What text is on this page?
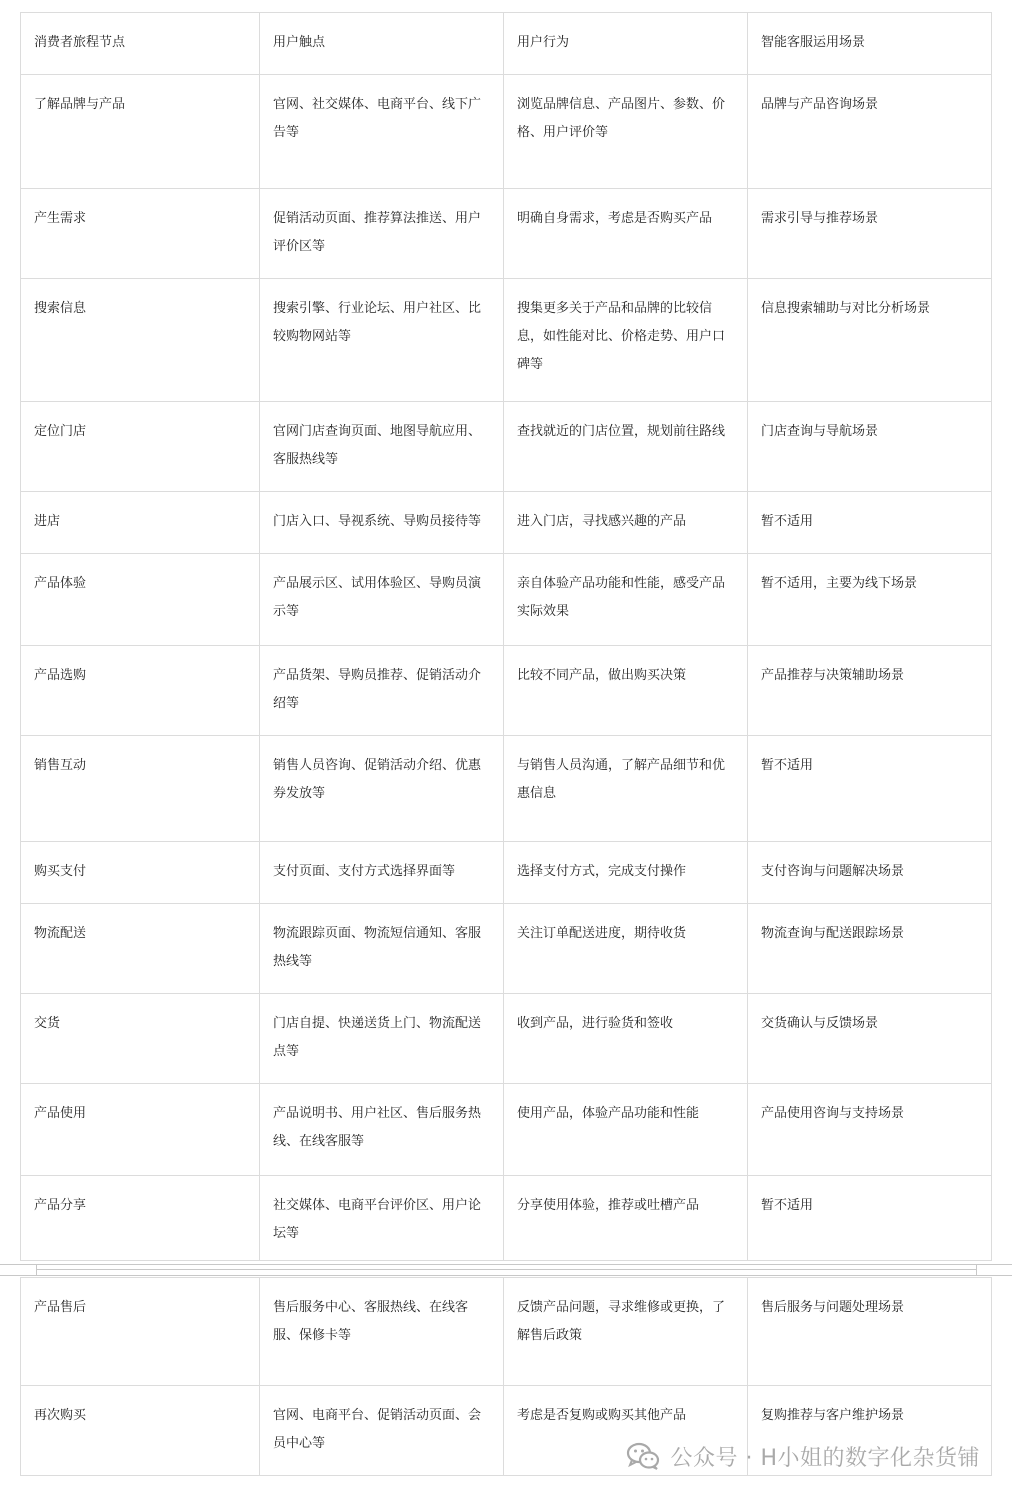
消费者旅程节点	用户触点	用户行为	智能客服运用场景
了解品牌与产品	官网、社交媒体、电商平台、线下广告等	浏览品牌信息、产品图片、参数、价格、用户评价等	品牌与产品咨询场景
产生需求	促销活动页面、推荐算法推送、用户评价区等	明确自身需求，考虑是否购买产品	需求引导与推荐场景
搜索信息	搜索引擎、行业论坛、用户社区、比较购物网站等	搜集更多关于产品和品牌的比较信息，如性能对比、价格走势、用户口碑等	信息搜索辅助与对比分析场景
定位门店	官网门店查询页面、地图导航应用、客服热线等	查找就近的门店位置，规划前往路线	门店查询与导航场景
进店	门店入口、导视系统、导购员接待等	进入门店，寻找感兴趣的产品	暂不适用
产品体验	产品展示区、试用体验区、导购员演示等	亲自体验产品功能和性能，感受产品实际效果	暂不适用，主要为线下场景
产品选购	产品货架、导购员推荐、促销活动介绍等	比较不同产品，做出购买决策	产品推荐与决策辅助场景
销售互动	销售人员咨询、促销活动介绍、优惠券发放等	与销售人员沟通，了解产品细节和优惠信息	暂不适用
购买支付	支付页面、支付方式选择界面等	选择支付方式，完成支付操作	支付咨询与问题解决场景
物流配送	物流跟踪页面、物流短信通知、客服热线等	关注订单配送进度，期待收货	物流查询与配送跟踪场景
交货	门店自提、快递送货上门、物流配送点等	收到产品，进行验货和签收	交货确认与反馈场景
产品使用	产品说明书、用户社区、售后服务热线、在线客服等	使用产品，体验产品功能和性能	产品使用咨询与支持场景
产品分享	社交媒体、电商平台评价区、用户论坛等	分享使用体验，推荐或吐槽产品	暂不适用
产品售后	售后服务中心、客服热线、在线客服、保修卡等	反馈产品问题，寻求维修或更换，了解售后政策	售后服务与问题处理场景
再次购买	官网、电商平台、促销活动页面、会员中心等	考虑是否复购或购买其他产品	复购推荐与客户维护场景
公众号 · H小姐的数字化杂货铺
